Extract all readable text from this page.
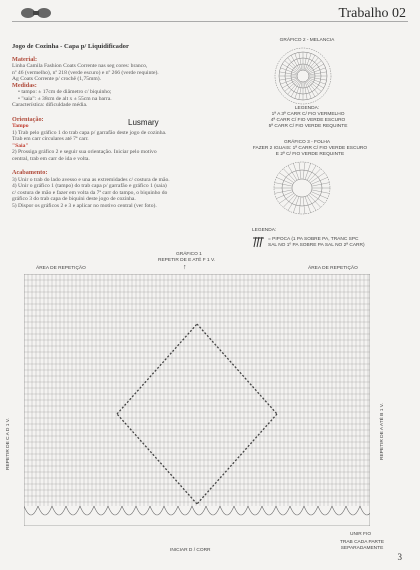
Trabalho 02

Jogo de Cozinha - Capa p/ Liquidificador

Material:

Linha Camila Fashion Coats Corrente nas seg cores: branco,

nº 46 (vermelho), nº 218 (verde escuro) e nº 266 (verde requinte).

Ag Coats Corrente p/ crochê (1,75mm).

Medidas:

• tampo: ± 17cm de diâmetro c/ biquinho;

• "saia": ± 38cm de alt x ± 55cm na barra.

Característica: dificuldade média.

Orientação:

Tampo

1) Trab pelo gráfico 1 do trab capa p/ garrafão deste jogo de cozinha.

Trab em carr circulares até 7ª carr.

"Saia"

2) Prossiga gráfico 2 e seguir sua orientação. Iniciar pelo motivo

central, trab em carr de ida e volta.

Acabamento:

3) Unir o trab do lado avesso e una as extremidades c/ costura de mão.

4) Unir o gráfico 1 (tampo) do trab capa p/ garrafão e gráfico 1 (saia)

c/ costura de mão e fazer em volta da 7ª carr do tampo, o biquinho do

gráfico 3 do trab capa de biquíni deste jogo de cozinha.

5) Dispor os gráficos 2 e 3 e aplicar no motivo central (ver foto).

Lusmary
GRÁFICO 2 - MELANCIA
LEGENDA:
1ª A 3ª CARR C/ FIO VERMELHO
4ª CARR C/ FIO VERDE ESCURO
5ª CARR C/ FIO VERDE REQUINTE
GRÁFICO 3 - FOLHA
FAZER 2 IGUAIS: 1ª CARR C/ FIO VERDE ESCURO
E 2ª C/ FIO VERDE REQUINTE
LEGENDA:
= PIPOCA (1 PA SOBRE PA, TRANC SPC
SAL NO 1º PA SOBRE PA SAL NO 2ª CARR)
GRÁFICO 1
REPETIR DE E ATÉ F 1 V.
↑
ÁREA DE REPETIÇÃO	ÁREA DE REPETIÇÃO
REPETIR DE C A D 1 V.	REPETIR DE A ATÉ B 1 V.
INICIAR D / CORR
UNIR FIO
TRAB CADA PARTE SEPARADAMENTE
3
